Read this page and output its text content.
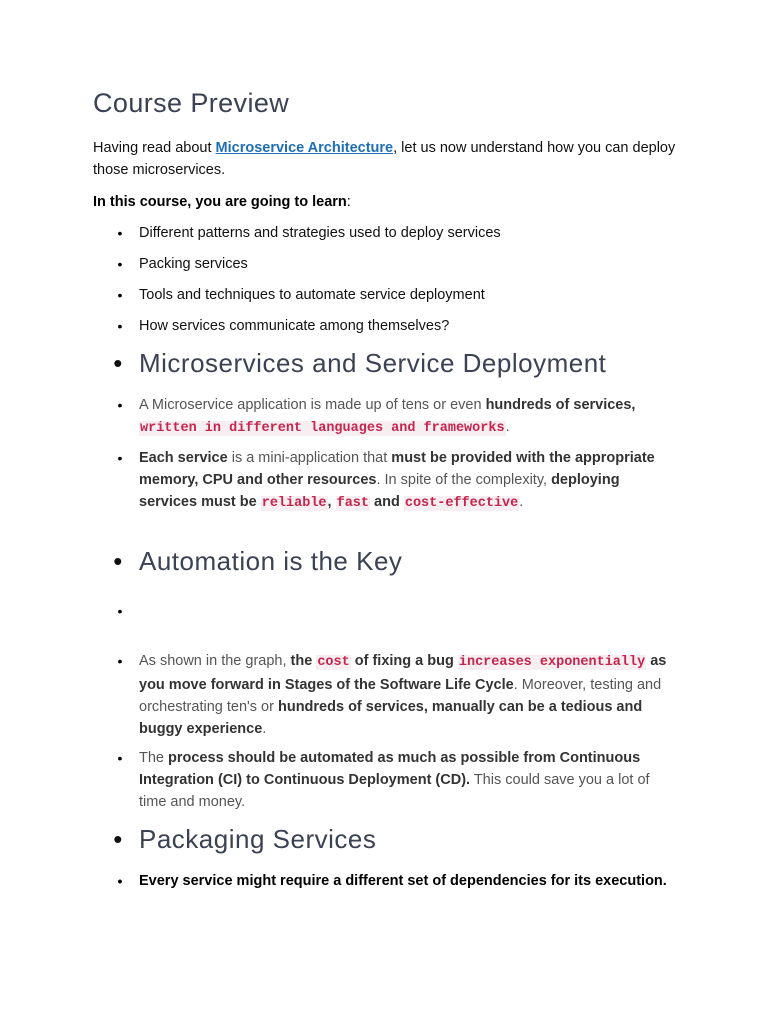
Course Preview

Having read about Microservice Architecture, let us now understand how you can deploy those microservices.

In this course, you are going to learn:

• Different patterns and strategies used to deploy services
• Packing services
• Tools and techniques to automate service deployment
• How services communicate among themselves?
• Microservices and Service Deployment
• A Microservice application is made up of tens or even hundreds of services, written in different languages and frameworks.
• Each service is a mini-application that must be provided with the appropriate memory, CPU and other resources. In spite of the complexity, deploying services must be reliable, fast and cost-effective.
• Automation is the Key
•
• As shown in the graph, the cost of fixing a bug increases exponentially as you move forward in Stages of the Software Life Cycle. Moreover, testing and orchestrating ten's or hundreds of services, manually can be a tedious and buggy experience.
• The process should be automated as much as possible from Continuous Integration (CI) to Continuous Deployment (CD). This could save you a lot of time and money.
• Packaging Services
• Every service might require a different set of dependencies for its execution.
